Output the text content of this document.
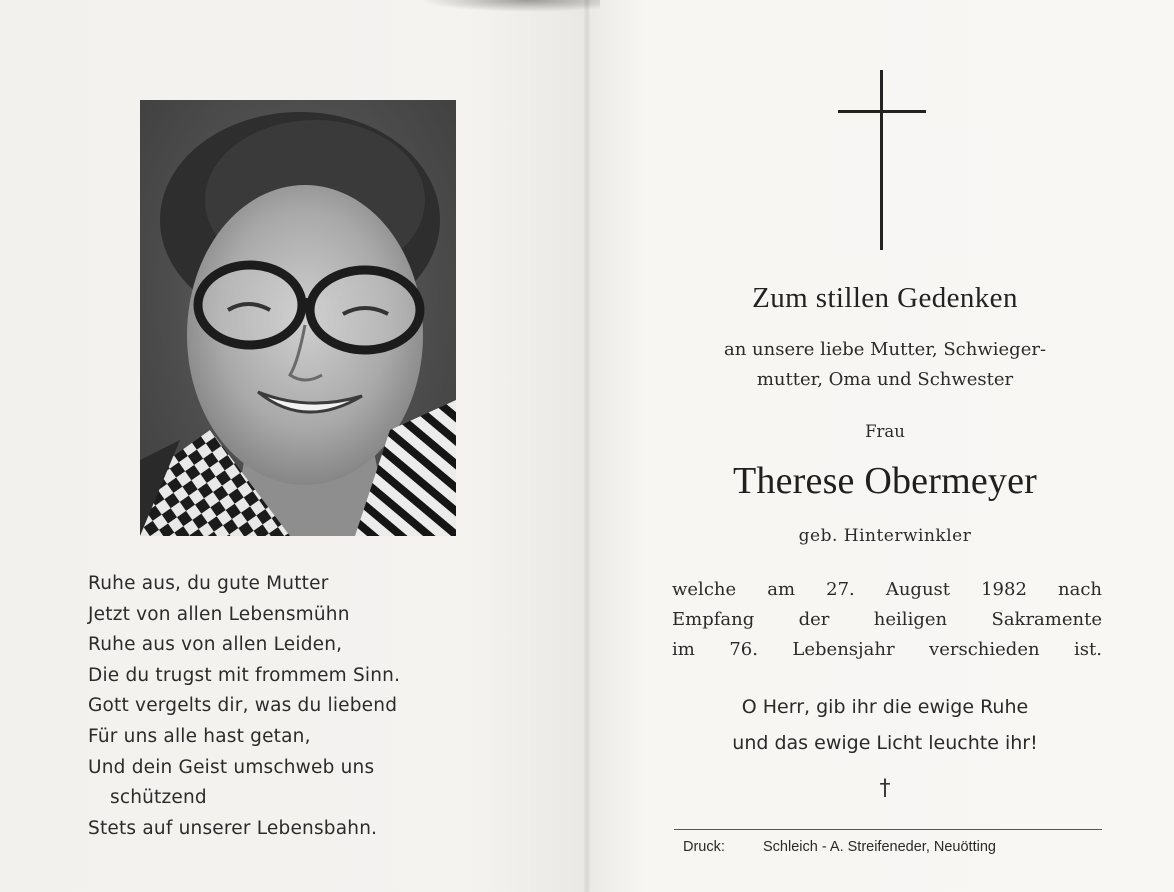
Ruhe aus, du gute Mutter
Jetzt von allen Lebensmühn
Ruhe aus von allen Leiden,
Die du trugst mit frommem Sinn.
Gott vergelts dir, was du liebend
Für uns alle hast getan,
Und dein Geist umschweb uns
schützend
Stets auf unserer Lebensbahn.
Zum stillen Gedenken
an unsere liebe Mutter, Schwieger-
mutter, Oma und Schwester
Frau
Therese Obermeyer
geb. Hinterwinkler
welche am 27. August 1982 nach
Empfang der heiligen Sakramente
im 76. Lebensjahr verschieden ist.
O Herr, gib ihr die ewige Ruhe
und das ewige Licht leuchte ihr!
†
Druck:	Schleich - A. Streifeneder, Neuötting
